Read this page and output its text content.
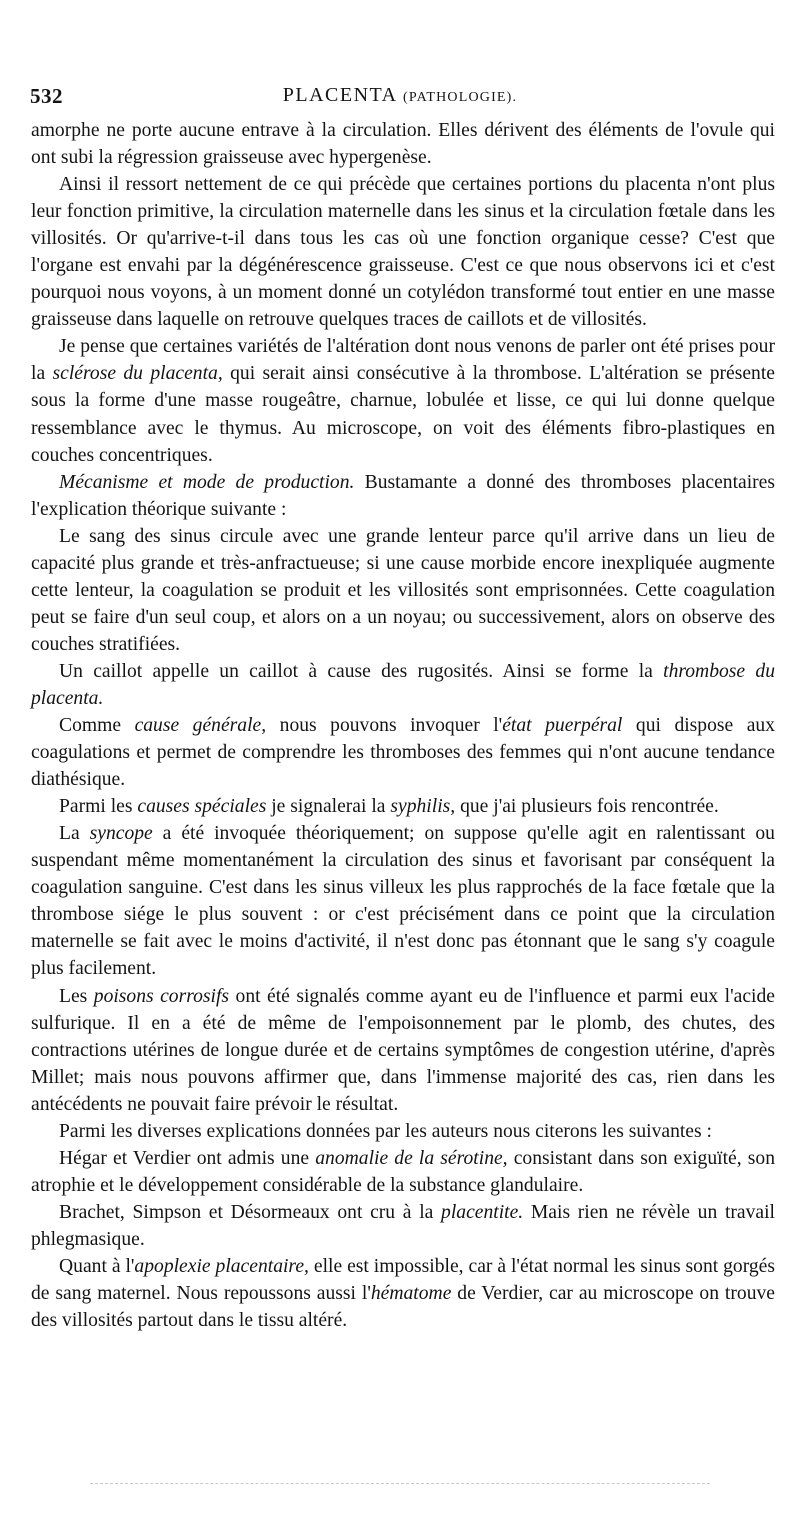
532	PLACENTA (PATHOLOGIE).

amorphe ne porte aucune entrave à la circulation. Elles dérivent des éléments de l'ovule qui ont subi la régression graisseuse avec hypergenèse.

Ainsi il ressort nettement de ce qui précède que certaines portions du placenta n'ont plus leur fonction primitive, la circulation maternelle dans les sinus et la circulation fœtale dans les villosités. Or qu'arrive-t-il dans tous les cas où une fonction organique cesse? C'est que l'organe est envahi par la dégénérescence graisseuse. C'est ce que nous observons ici et c'est pourquoi nous voyons, à un moment donné un cotylédon transformé tout entier en une masse graisseuse dans laquelle on retrouve quelques traces de caillots et de villosités.

Je pense que certaines variétés de l'altération dont nous venons de parler ont été prises pour la sclérose du placenta, qui serait ainsi consécutive à la thrombose. L'altération se présente sous la forme d'une masse rougeâtre, charnue, lobulée et lisse, ce qui lui donne quelque ressemblance avec le thymus. Au microscope, on voit des éléments fibro-plastiques en couches concentriques.

Mécanisme et mode de production. Bustamante a donné des thromboses placentaires l'explication théorique suivante :

Le sang des sinus circule avec une grande lenteur parce qu'il arrive dans un lieu de capacité plus grande et très-anfractueuse; si une cause morbide encore inexpliquée augmente cette lenteur, la coagulation se produit et les villosités sont emprisonnées. Cette coagulation peut se faire d'un seul coup, et alors on a un noyau; ou successivement, alors on observe des couches stratifiées.

Un caillot appelle un caillot à cause des rugosités. Ainsi se forme la thrombose du placenta.

Comme cause générale, nous pouvons invoquer l'état puerpéral qui dispose aux coagulations et permet de comprendre les thromboses des femmes qui n'ont aucune tendance diathésique.

Parmi les causes spéciales je signalerai la syphilis, que j'ai plusieurs fois rencontrée.

La syncope a été invoquée théoriquement; on suppose qu'elle agit en ralentissant ou suspendant même momentanément la circulation des sinus et favorisant par conséquent la coagulation sanguine. C'est dans les sinus villeux les plus rapprochés de la face fœtale que la thrombose siége le plus souvent : or c'est précisément dans ce point que la circulation maternelle se fait avec le moins d'activité, il n'est donc pas étonnant que le sang s'y coagule plus facilement.

Les poisons corrosifs ont été signalés comme ayant eu de l'influence et parmi eux l'acide sulfurique. Il en a été de même de l'empoisonnement par le plomb, des chutes, des contractions utérines de longue durée et de certains symptômes de congestion utérine, d'après Millet; mais nous pouvons affirmer que, dans l'immense majorité des cas, rien dans les antécédents ne pouvait faire prévoir le résultat.

Parmi les diverses explications données par les auteurs nous citerons les suivantes :

Hégar et Verdier ont admis une anomalie de la sérotine, consistant dans son exiguïté, son atrophie et le développement considérable de la substance glandulaire.

Brachet, Simpson et Désormeaux ont cru à la placentite. Mais rien ne révèle un travail phlegmasique.

Quant à l'apoplexie placentaire, elle est impossible, car à l'état normal les sinus sont gorgés de sang maternel. Nous repoussons aussi l'hématome de Verdier, car au microscope on trouve des villosités partout dans le tissu altéré.
